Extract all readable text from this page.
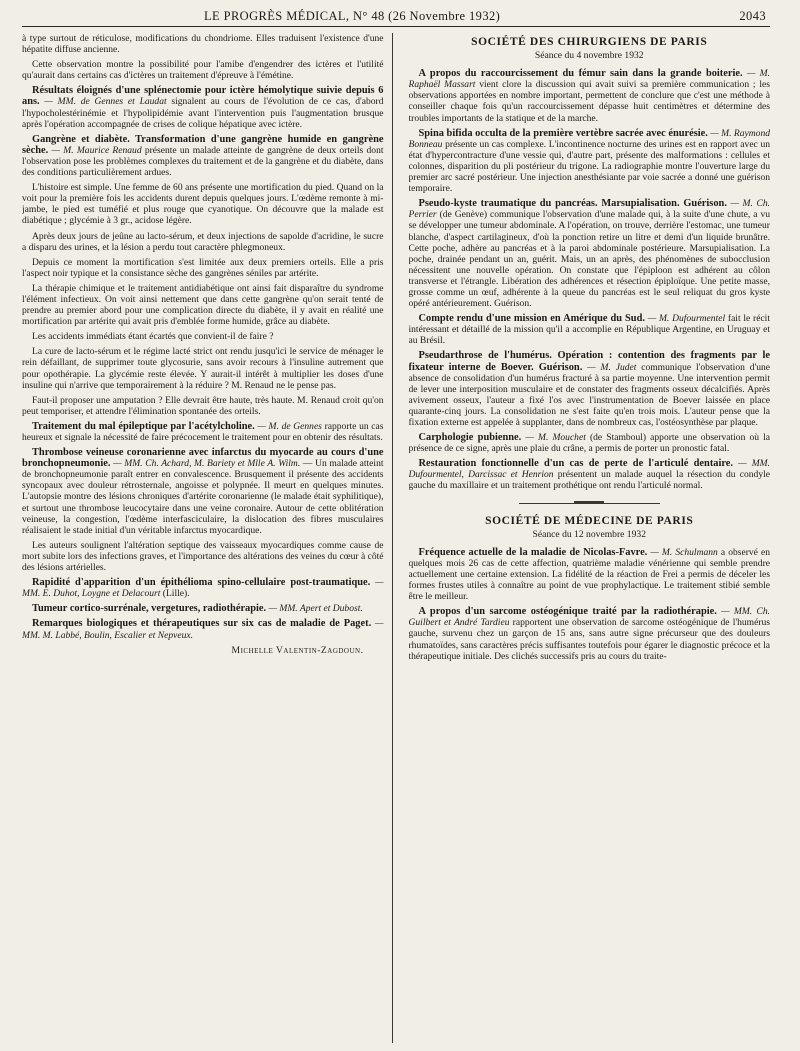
LE PROGRÈS MÉDICAL, N° 48 (26 Novembre 1932)	2043

à type surtout de réticulose, modifications du chondriome. Elles traduisent l'existence d'une hépatite diffuse ancienne.

Cette observation montre la possibilité pour l'amibe d'engendrer des ictères et l'utilité qu'aurait dans certains cas d'ictères un traitement d'épreuve à l'émétine.

Résultats éloignés d'une splénectomie pour ictère hémolytique suivie depuis 6 ans. — MM. de Gennes et Laudat signalent au cours de l'évolution de ce cas, d'abord l'hypocholestérinémie et l'hypolipidémie avant l'intervention puis l'augmentation brusque après l'opération accompagnée de crises de colique hépatique avec ictère.

Gangrène et diabète. Transformation d'une gangrène humide en gangrène sèche. — M. Maurice Renaud présente un malade atteinte de gangrène de deux orteils dont l'observation pose les problèmes complexes du traitement et de la gangrène et du diabète, dans des conditions particulièrement ardues.

L'histoire est simple. Une femme de 60 ans présente une mortification du pied. Quand on la voit pour la première fois les accidents durent depuis quelques jours. L'œdème remonte à mi-jambe, le pied est tuméfié et plus rouge que cyanotique. On découvre que la malade est diabétique ; glycémie à 3 gr., acidose légère.

Après deux jours de jeûne au lacto-sérum, et deux injections de sapolde d'acridine, le sucre a disparu des urines, et la lésion a perdu tout caractère phlegmoneux.

Depuis ce moment la mortification s'est limitée aux deux premiers orteils. Elle a pris l'aspect noir typique et la consistance sèche des gangrènes séniles par artérite.

La thérapie chimique et le traitement antidiabétique ont ainsi fait disparaître du syndrome l'élément infectieux. On voit ainsi nettement que dans cette gangrène qu'on serait tenté de prendre au premier abord pour une complication directe du diabète, il y avait en réalité une mortification par artérite qui avait pris d'emblée forme humide, grâce au diabète.

Les accidents immédiats étant écartés que convient-il de faire ?

La cure de lacto-sérum et le régime lacté strict ont rendu jusqu'ici le service de ménager le rein défaillant, de supprimer toute glycosurie, sans avoir recours à l'insuline autrement que pour opothérapie. La glycémie reste élevée. Y aurait-il intérêt à multiplier les doses d'une insuline qui n'arrive que temporairement à la réduire ? M. Renaud ne le pense pas.

Faut-il proposer une amputation ? Elle devrait être haute, très haute. M. Renaud croit qu'on peut temporiser, et attendre l'élimination spontanée des orteils.

Traitement du mal épileptique par l'acétylcholine. — M. de Gennes rapporte un cas heureux et signale la nécessité de faire précocement le traitement pour en obtenir des résultats.

Thrombose veineuse coronarienne avec infarctus du myocarde au cours d'une bronchopneumonie. — MM. Ch. Achard, M. Bariety et Mlle A. Wilm. — Un malade atteint de bronchopneumonie paraît entrer en convalescence. Brusquement il présente des accidents syncopaux avec douleur rétrosternale, angoisse et polypnée. Il meurt en quelques minutes. L'autopsie montre des lésions chroniques d'artérite coronarienne (le malade était syphilitique), et surtout une thrombose leucocytaire dans une veine coronaire. Autour de cette oblitération veineuse, la congestion, l'œdème interfasciculaire, la dislocation des fibres musculaires réalisaient le stade initial d'un véritable infarctus myocardique.

Les auteurs soulignent l'altération septique des vaisseaux myocardiques comme cause de mort subite lors des infections graves, et l'importance des altérations des veines du cœur à côté des lésions artérielles.

Rapidité d'apparition d'un épithélioma spino-cellulaire post-traumatique. — MM. E. Duhot, Loygne et Delacourt (Lille).

Tumeur cortico-surrénale, vergetures, radiothérapie. — MM. Apert et Dubost.

Remarques biologiques et thérapeutiques sur six cas de maladie de Paget. — MM. M. Labbé, Boulin, Escalier et Nepveux.

Michelle Valentin-Zagdoun.
SOCIÉTÉ DES CHIRURGIENS DE PARIS
Séance du 4 novembre 1932

A propos du raccourcissement du fémur sain dans la grande boiterie. — M. Raphaël Massart vient clore la discussion qui avait suivi sa première communication ; les observations apportées en nombre important, permettent de conclure que c'est une méthode à conseiller chaque fois qu'un raccourcissement dépasse huit centimètres et détermine des troubles importants de la statique et de la marche.

Spina bifida occulta de la première vertèbre sacrée avec énurésie. — M. Raymond Bonneau présente un cas complexe. L'incontinence nocturne des urines est en rapport avec un état d'hypercontracture d'une vessie qui, d'autre part, présente des malformations : cellules et colonnes, disparition du pli postérieur du trigone. La radiographie montre l'ouverture large du premier arc sacré postérieur. Une injection anesthésiante par voie sacrée a donné une guérison temporaire.

Pseudo-kyste traumatique du pancréas. Marsupialisation. Guérison. — M. Ch. Perrier (de Genève) communique l'observation d'une malade qui, à la suite d'une chute, a vu se développer une tumeur abdominale. A l'opération, on trouve, derrière l'estomac, une tumeur blanche, d'aspect cartilagineux, d'où la ponction retire un litre et demi d'un liquide brunâtre. Cette poche, adhère au pancréas et à la paroi abdominale postérieure. Marsupialisation. La poche, drainée pendant un an, guérit. Mais, un an après, des phénomènes de subocclusion nécessitent une nouvelle opération. On constate que l'épiploon est adhérent au côlon transverse et l'étrangle. Libération des adhérences et résection épiploïque. Une petite masse, grosse comme un œuf, adhérente à la queue du pancréas est le seul reliquat du gros kyste opéré antérieurement. Guérison.

Compte rendu d'une mission en Amérique du Sud. — M. Dufourmentel fait le récit intéressant et détaillé de la mission qu'il a accomplie en République Argentine, en Uruguay et au Brésil.

Pseudarthrose de l'humérus. Opération : contention des fragments par le fixateur interne de Boever. Guérison. — M. Judet communique l'observation d'une absence de consolidation d'un humérus fracturé à sa partie moyenne. Une intervention permit de lever une interposition musculaire et de constater des fragments osseux décalcifiés. Après avivement osseux, l'auteur a fixé l'os avec l'instrumentation de Boever laissée en place quarante-cinq jours. La consolidation ne s'est faite qu'en trois mois. L'auteur pense que la fixation externe est appelée à supplanter, dans de nombreux cas, l'ostéosynthèse par plaque.

Carphologie pubienne. — M. Mouchet (de Stamboul) apporte une observation où la présence de ce signe, après une plaie du crâne, a permis de porter un pronostic fatal.

Restauration fonctionnelle d'un cas de perte de l'articulé dentaire. — MM. Dufourmentel, Darcissac et Henrion présentent un malade auquel la résection du condyle gauche du maxillaire et un traitement prothétique ont rendu l'articulé normal.

SOCIÉTÉ DE MÉDECINE DE PARIS
Séance du 12 novembre 1932

Fréquence actuelle de la maladie de Nicolas-Favre. — M. Schulmann a observé en quelques mois 26 cas de cette affection, quatrième maladie vénérienne qui semble prendre actuellement une certaine extension. La fidélité de la réaction de Frei a permis de déceler les formes frustes utiles à connaître au point de vue prophylactique. Le traitement stibié semble être le meilleur.

A propos d'un sarcome ostéogénique traité par la radiothérapie. — MM. Ch. Guilbert et André Tardieu rapportent une observation de sarcome ostéogénique de l'humérus gauche, survenu chez un garçon de 15 ans, sans autre signe précurseur que des douleurs rhumatoïdes, sans caractères précis suffisantes toutefois pour égarer le diagnostic précoce et la thérapeutique initiale. Des clichés successifs pris au cours du traite-
